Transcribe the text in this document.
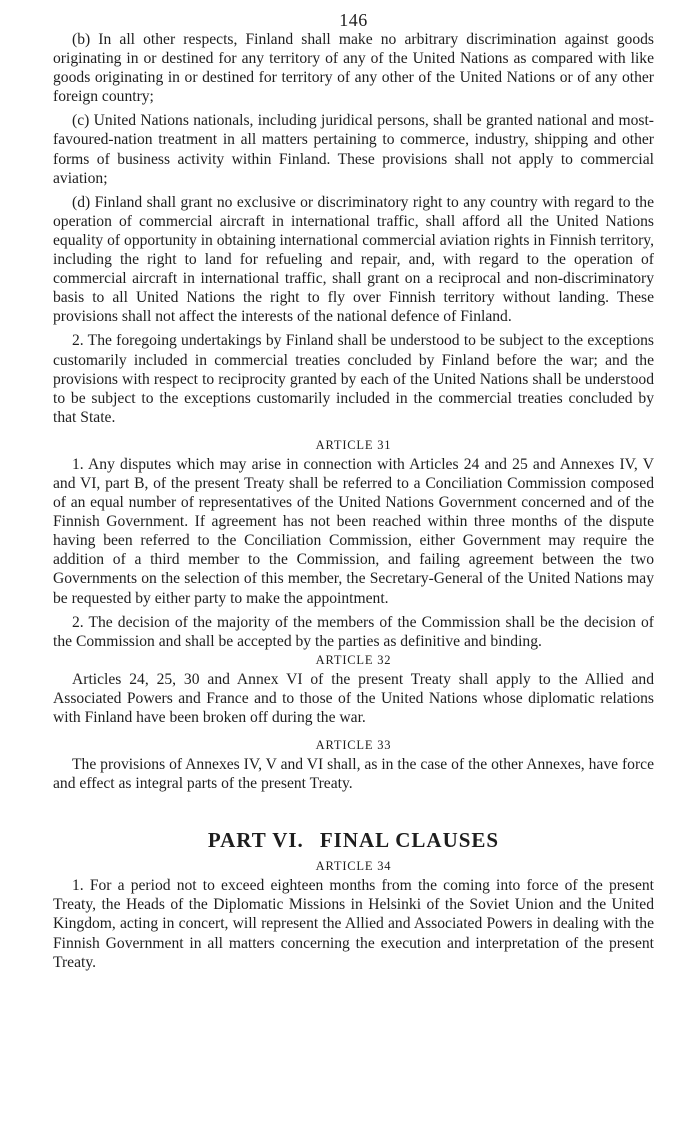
146

(b) In all other respects, Finland shall make no arbitrary discrimination against goods originating in or destined for any territory of any of the United Nations as compared with like goods originating in or destined for territory of any other of the United Nations or of any other foreign country;

(c) United Nations nationals, including juridical persons, shall be granted national and most-favoured-nation treatment in all matters pertaining to commerce, industry, shipping and other forms of business activity within Finland. These provisions shall not apply to commercial aviation;

(d) Finland shall grant no exclusive or discriminatory right to any country with regard to the operation of commercial aircraft in international traffic, shall afford all the United Nations equality of opportunity in obtaining international commercial aviation rights in Finnish territory, including the right to land for refueling and repair, and, with regard to the operation of commercial aircraft in international traffic, shall grant on a reciprocal and non-discriminatory basis to all United Nations the right to fly over Finnish territory without landing. These provisions shall not affect the interests of the national defence of Finland.

2. The foregoing undertakings by Finland shall be understood to be subject to the exceptions customarily included in commercial treaties concluded by Finland before the war; and the provisions with respect to reciprocity granted by each of the United Nations shall be understood to be subject to the exceptions customarily included in the commercial treaties concluded by that State.

ARTICLE 31

1. Any disputes which may arise in connection with Articles 24 and 25 and Annexes IV, V and VI, part B, of the present Treaty shall be referred to a Conciliation Commission composed of an equal number of representatives of the United Nations Government concerned and of the Finnish Government. If agreement has not been reached within three months of the dispute having been referred to the Conciliation Commission, either Government may require the addition of a third member to the Commission, and failing agreement between the two Governments on the selection of this member, the Secretary-General of the United Nations may be requested by either party to make the appointment.

2. The decision of the majority of the members of the Commission shall be the decision of the Commission and shall be accepted by the parties as definitive and binding.

ARTICLE 32

Articles 24, 25, 30 and Annex VI of the present Treaty shall apply to the Allied and Associated Powers and France and to those of the United Nations whose diplomatic relations with Finland have been broken off during the war.

ARTICLE 33

The provisions of Annexes IV, V and VI shall, as in the case of the other Annexes, have force and effect as integral parts of the present Treaty.

PART VI. FINAL CLAUSES
ARTICLE 34

1. For a period not to exceed eighteen months from the coming into force of the present Treaty, the Heads of the Diplomatic Missions in Helsinki of the Soviet Union and the United Kingdom, acting in concert, will represent the Allied and Associated Powers in dealing with the Finnish Government in all matters concerning the execution and interpretation of the present Treaty.
